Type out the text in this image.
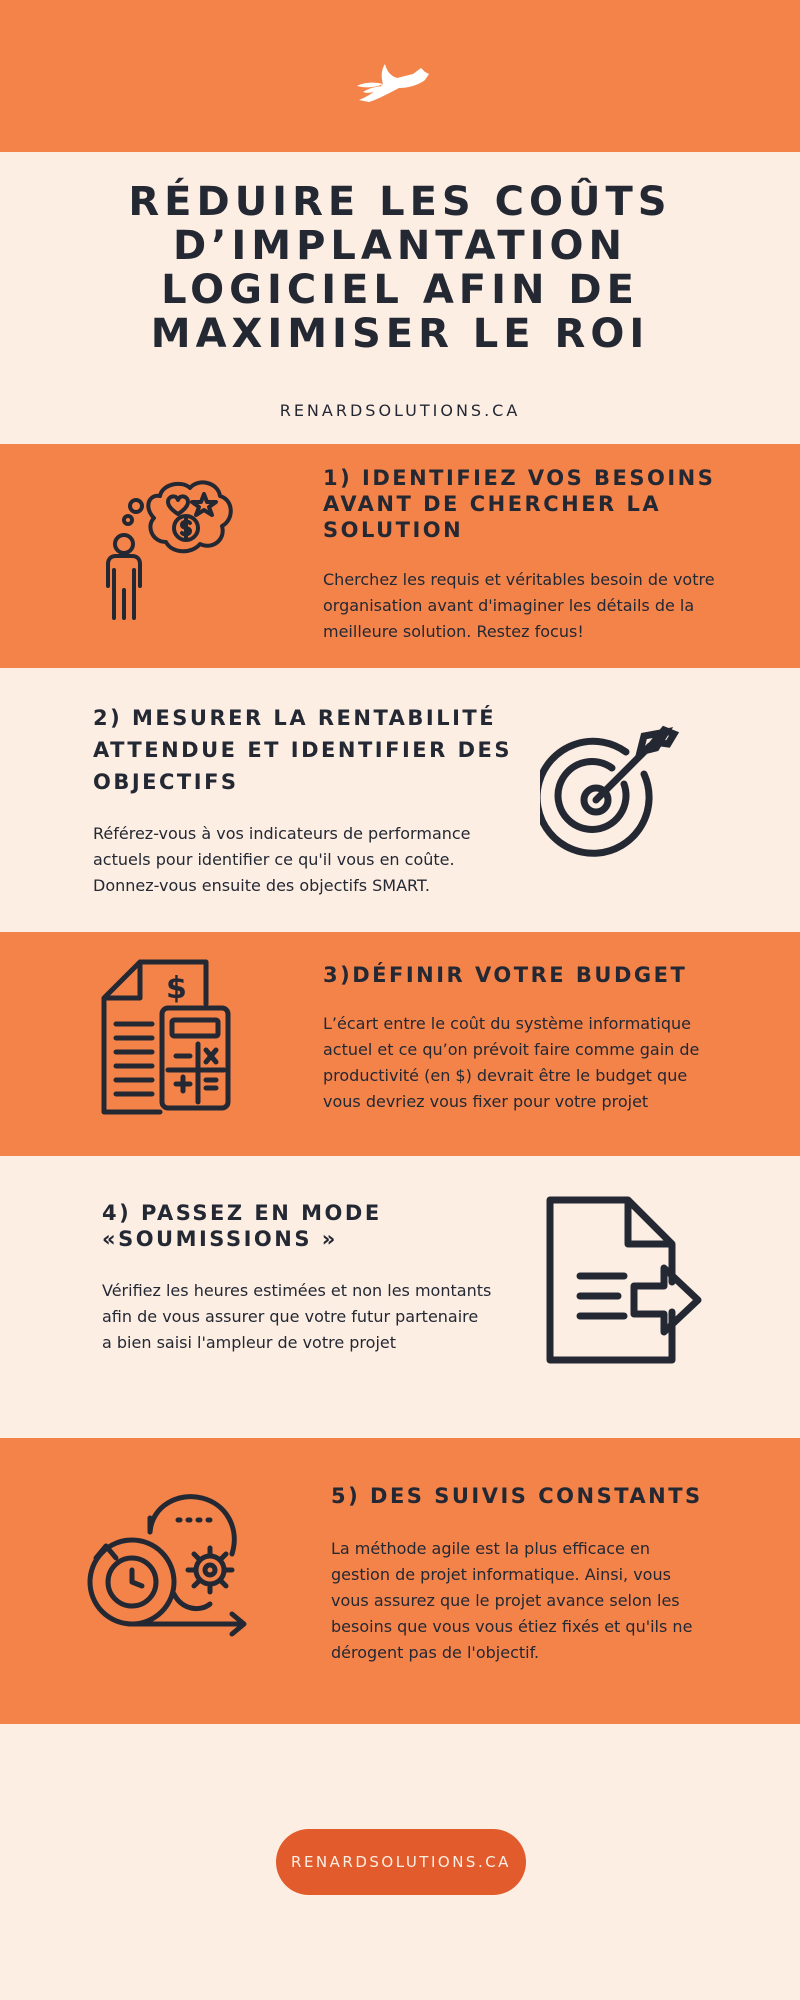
RÉDUIRE LES COÛTS D’IMPLANTATION LOGICIEL AFIN DE MAXIMISER LE ROI
RENARDSOLUTIONS.CA
1) IDENTIFIEZ VOS BESOINS AVANT DE CHERCHER LA SOLUTION

Cherchez les requis et véritables besoin de votre organisation avant d'imaginer les détails de la meilleure solution. Restez focus!

2) MESURER LA RENTABILITÉ ATTENDUE ET IDENTIFIER DES OBJECTIFS

Référez-vous à vos indicateurs de performance actuels pour identifier ce qu'il vous en coûte. Donnez-vous ensuite des objectifs SMART.

$	3)DÉFINIR VOTRE BUDGET

L’écart entre le coût du système informatique actuel et ce qu’on prévoit faire comme gain de productivité (en $) devrait être le budget que vous devriez vous fixer pour votre projet

4) PASSEZ EN MODE «SOUMISSIONS »

Vérifiez les heures estimées et non les montants afin de vous assurer que votre futur partenaire a bien saisi l'ampleur de votre projet

5) DES SUIVIS CONSTANTS

La méthode agile est la plus efficace en gestion de projet informatique. Ainsi, vous vous assurez que le projet avance selon les besoins que vous vous étiez fixés et qu'ils ne dérogent pas de l'objectif.

RENARDSOLUTIONS.CA
